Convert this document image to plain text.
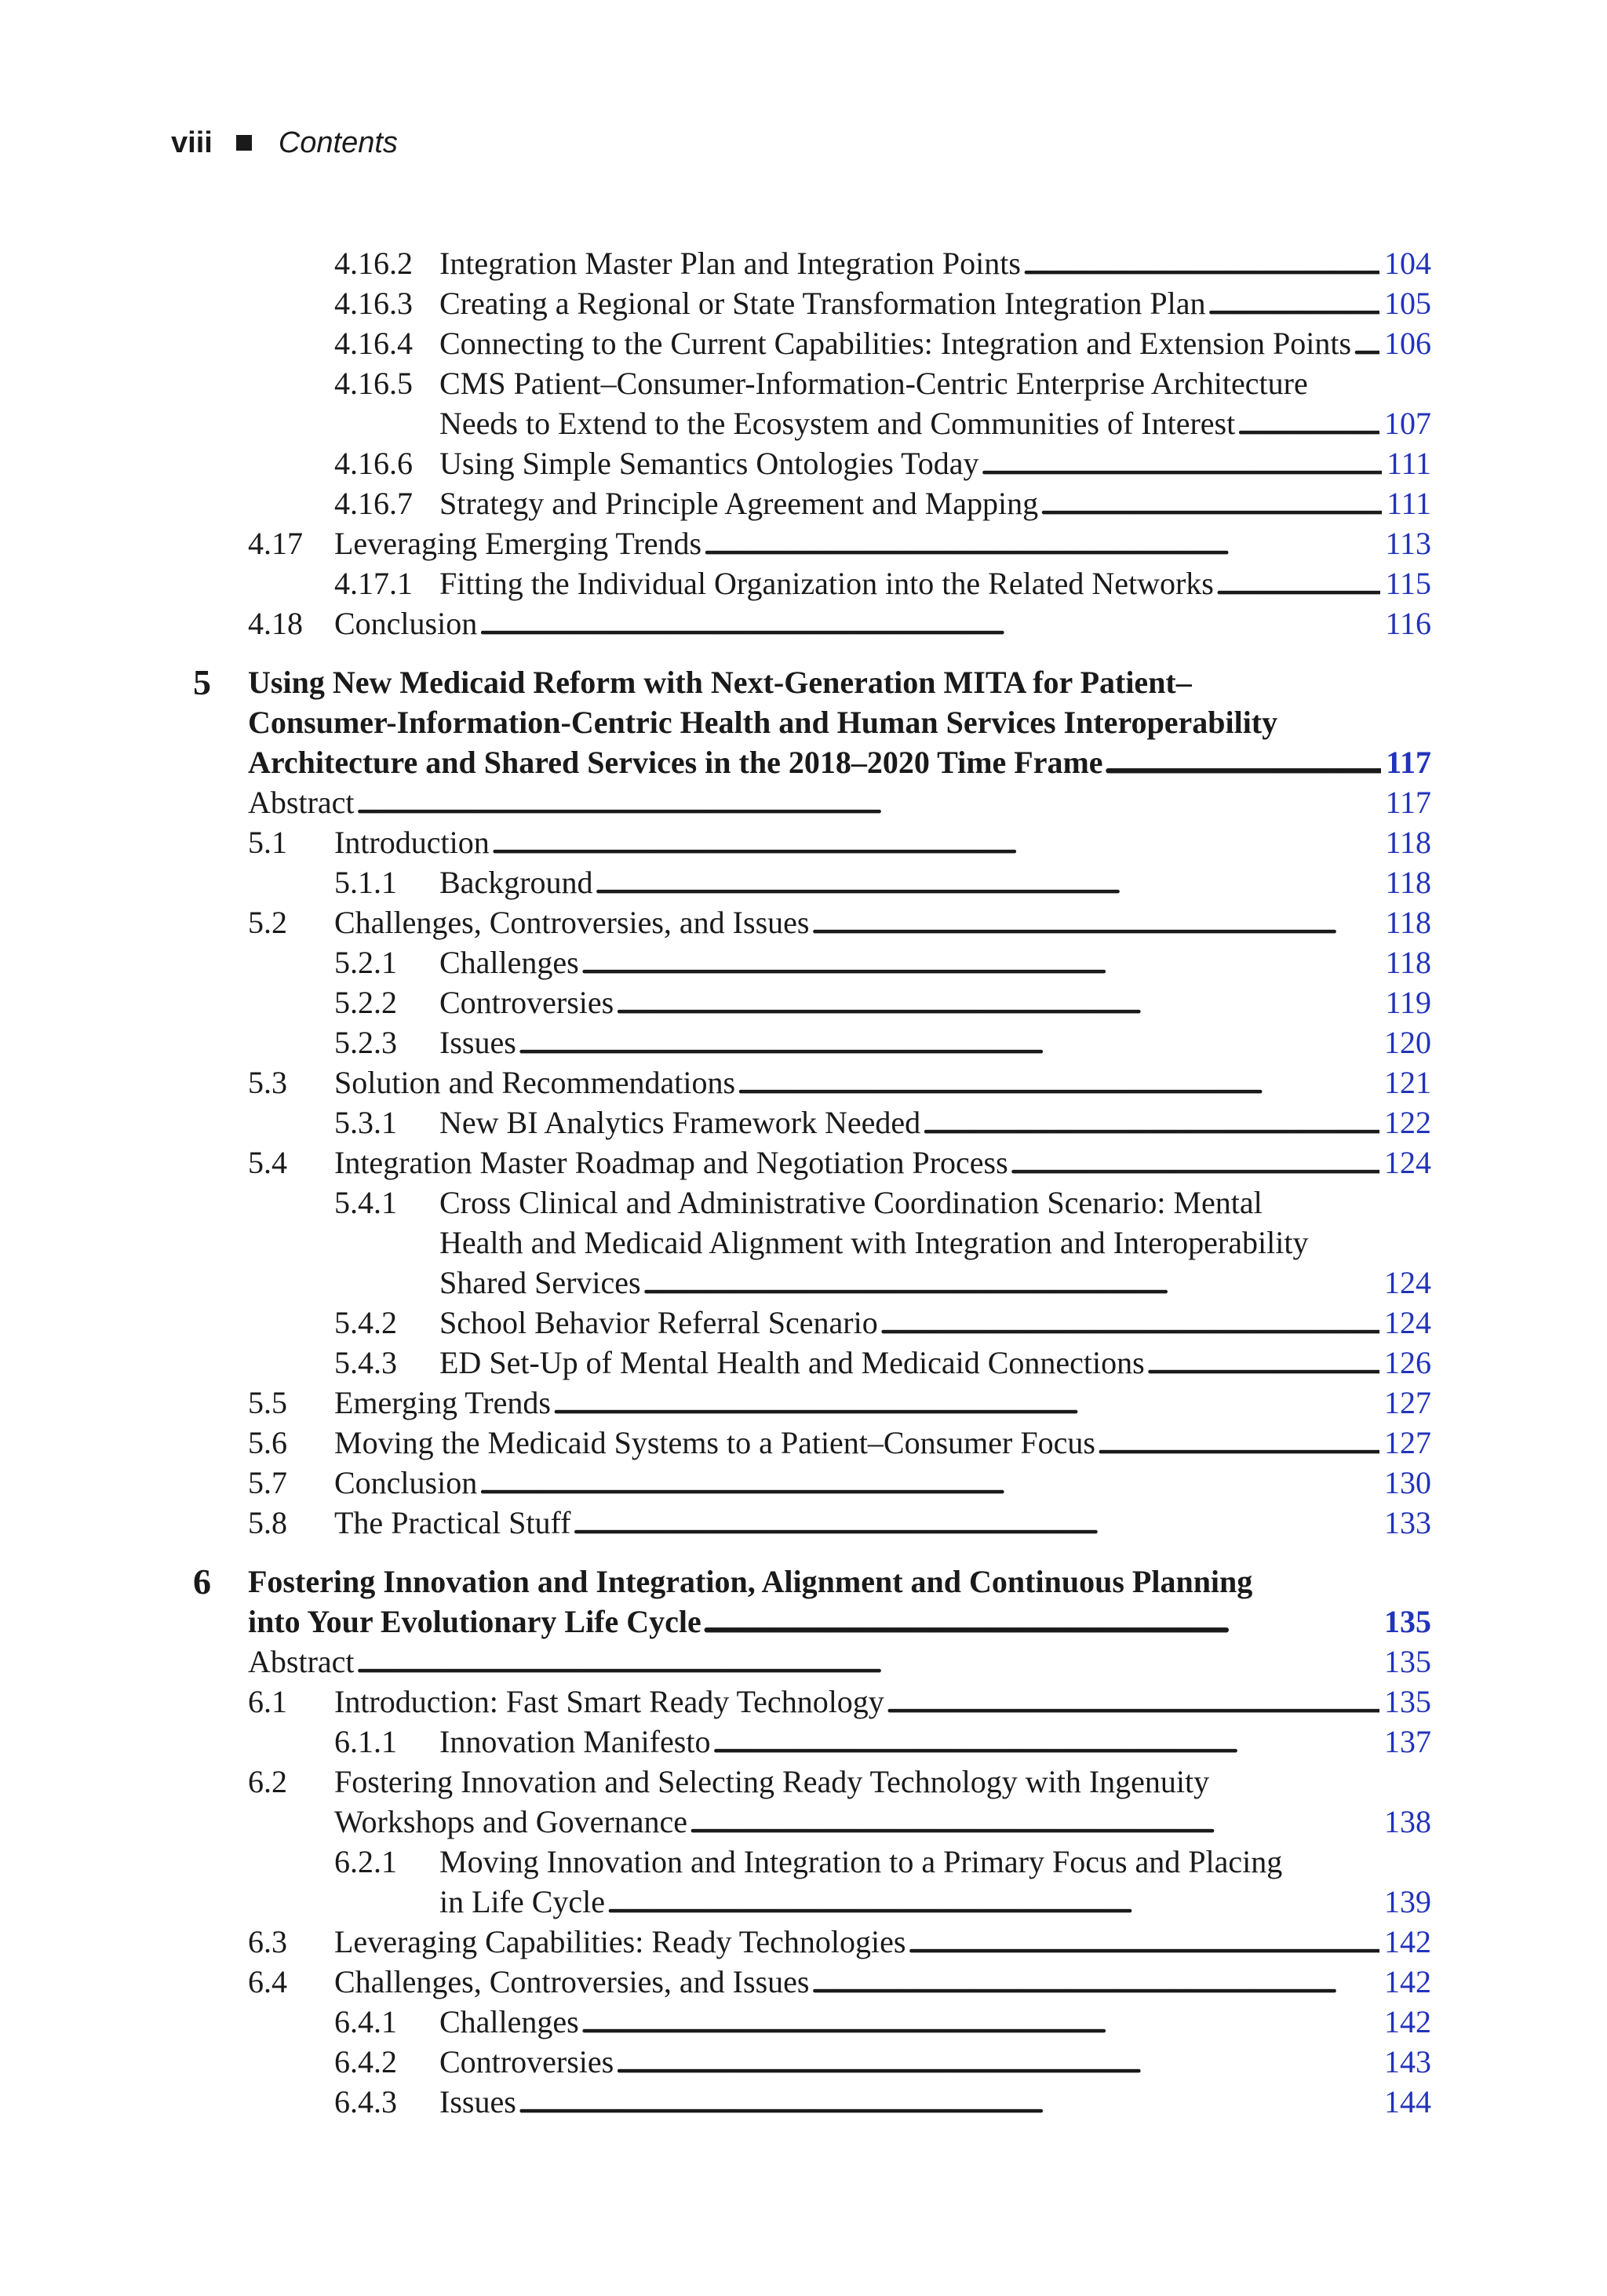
viii Contents
4.16.2 Integration Master Plan and Integration Points . . .	104
4.16.3 Creating a Regional or State Transformation Integration Plan . . .	105
4.16.4 Connecting to the Current Capabilities: Integration and Extension Points . . . 106
4.16.5 CMS Patient–Consumer-Information-Centric Enterprise Architecture
Needs to Extend to the Ecosystem and Communities of Interest . . .	107
4.16.6 Using Simple Semantics Ontologies Today . . .	111
4.16.7 Strategy and Principle Agreement and Mapping . . .	111
4.17 Leveraging Emerging Trends . . .	113
4.17.1 Fitting the Individual Organization into the Related Networks . . .	115
4.18 Conclusion . . .	116
5 Using New Medicaid Reform with Next-Generation MITA for Patient–
Consumer-Information-Centric Health and Human Services Interoperability
Architecture and Shared Services in the 2018–2020 Time Frame . . .	117
Abstract . . .	117
5.1 Introduction . . .	118
5.1.1 Background . . .	118
5.2 Challenges, Controversies, and Issues . . .	118
5.2.1 Challenges . . .	118
5.2.2 Controversies . . .	119
5.2.3 Issues . . .	120
5.3 Solution and Recommendations . . .	121
5.3.1 New BI Analytics Framework Needed . . .	122
5.4 Integration Master Roadmap and Negotiation Process . . .	124
5.4.1 Cross Clinical and Administrative Coordination Scenario: Mental
Health and Medicaid Alignment with Integration and Interoperability
Shared Services . . .	124
5.4.2 School Behavior Referral Scenario . . .	124
5.4.3 ED Set-Up of Mental Health and Medicaid Connections . . .	126
5.5 Emerging Trends . . .	127
5.6 Moving the Medicaid Systems to a Patient–Consumer Focus . . .	127
5.7 Conclusion . . .	130
5.8 The Practical Stuff . . .	133
6 Fostering Innovation and Integration, Alignment and Continuous Planning
into Your Evolutionary Life Cycle . . .	135
Abstract . . .	135
6.1 Introduction: Fast Smart Ready Technology . . .	135
6.1.1 Innovation Manifesto . . .	137
6.2 Fostering Innovation and Selecting Ready Technology with Ingenuity
Workshops and Governance . . .	138
6.2.1 Moving Innovation and Integration to a Primary Focus and Placing
in Life Cycle . . .	139
6.3 Leveraging Capabilities: Ready Technologies . . .	142
6.4 Challenges, Controversies, and Issues . . .	142
6.4.1 Challenges . . .	142
6.4.2 Controversies . . .	143
6.4.3 Issues . . .	144
